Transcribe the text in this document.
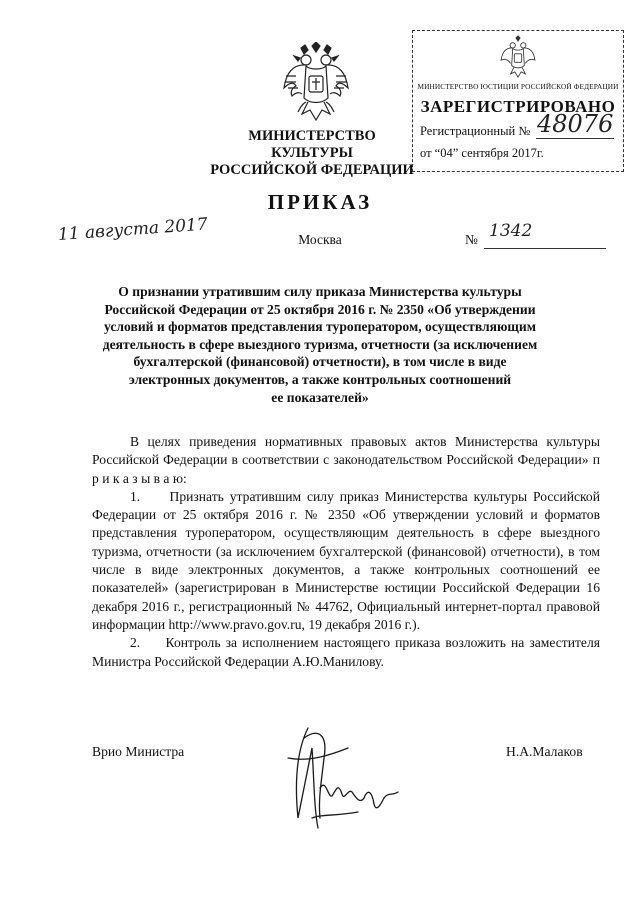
МИНИСТЕРСТВО КУЛЬТУРЫ
РОССИЙСКОЙ ФЕДЕРАЦИИ
МИНИСТЕРСТВО ЮСТИЦИИ РОССИЙСКОЙ ФЕДЕРАЦИИ
ЗАРЕГИСТРИРОВАНО
Регистрационный № 48076
от “04” сентября 2017г.
ПРИКАЗ
11 августа 2017	Москва	№ 1342
О признании утратившим силу приказа Министерства культуры
Российской Федерации от 25 октября 2016 г. № 2350 «Об утверждении
условий и форматов представления туроператором, осуществляющим
деятельность в сфере выездного туризма, отчетности (за исключением
бухгалтерской (финансовой) отчетности), в том числе в виде
электронных документов, а также контрольных соотношений
ее показателей»

В целях приведения нормативных правовых актов Министерства культуры Российской Федерации в соответствии с законодательством Российской Федерации» п р и к а з ы в а ю:

1.     Признать утратившим силу приказ Министерства культуры Российской Федерации от 25 октября 2016 г. № 2350 «Об утверждении условий и форматов представления туроператором, осуществляющим деятельность в сфере выездного туризма, отчетности (за исключением бухгалтерской (финансовой) отчетности), в том числе в виде электронных документов, а также контрольных соотношений ее показателей» (зарегистрирован в Министерстве юстиции Российской Федерации 16 декабря 2016 г., регистрационный № 44762, Официальный интернет-портал правовой информации http://www.pravo.gov.ru, 19 декабря 2016 г.).

2.     Контроль за исполнением настоящего приказа возложить на заместителя Министра Российской Федерации А.Ю.Манилову.

Врио Министра	Н.А.Малаков
